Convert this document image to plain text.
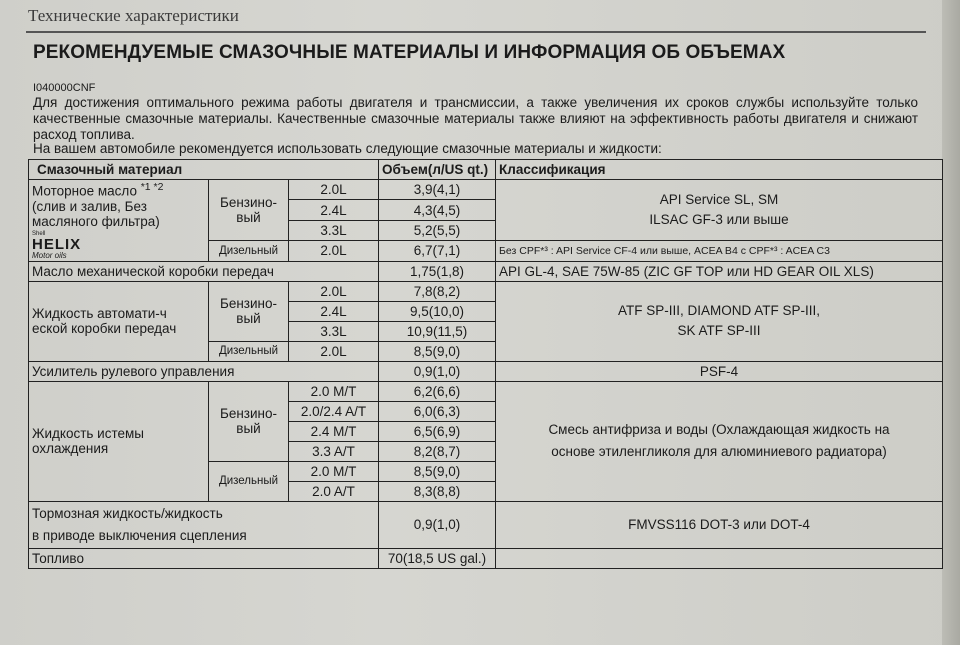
Технические характеристики
РЕКОМЕНДУЕМЫЕ СМАЗОЧНЫЕ МАТЕРИАЛЫ И ИНФОРМАЦИЯ ОБ ОБЪЕМАХ
I040000CNF
Для достижения оптимального режима работы двигателя и трансмиссии, а также увеличения их сроков службы используйте только качественные смазочные материалы. Качественные смазочные материалы также влияют на эффективность работы двигателя и снижают расход топлива.
На вашем автомобиле рекомендуется использовать следующие смазочные материалы и жидкости:
Смазочный материал			Объем(л/US qt.)	Классификация
Моторное масло $^{*1 *2}$
(слив и залив, Без масляного фильтра)

Shell
HELIX
Motor oils	Бензино-вый	2.0L	3,9(4,1)	API Service SL, SM
ILSAC GF-3 или выше
		2.4L	4,3(4,5)	
		3.3L	5,2(5,5)	
	Дизельный	2.0L	6,7(7,1)	Без CPF*³ : API Service CF-4 или выше, ACEA B4 с CPF*³ : ACEA C3
Масло механической коробки передач			1,75(1,8)	API GL-4, SAE 75W-85 (ZIC GF TOP или HD GEAR OIL XLS)
Жидкость автомати-ч еской коробки передач	Бензино-вый	2.0L	7,8(8,2)	ATF SP-III, DIAMOND ATF SP-III,
SK ATF SP-III
		2.4L	9,5(10,0)	
		3.3L	10,9(11,5)	
	Дизельный	2.0L	8,5(9,0)	
Усилитель рулевого управления			0,9(1,0)	PSF-4
Жидкость истемы охлаждения	Бензино-вый	2.0 M/T	6,2(6,6)	Смесь антифриза и воды (Охлаждающая жидкость на
основе этиленгликоля для алюминиевого радиатора)
		2.0/2.4 A/T	6,0(6,3)	
		2.4 M/T	6,5(6,9)	
		3.3 A/T	8,2(8,7)	
	Дизельный	2.0 M/T	8,5(9,0)	
		2.0 A/T	8,3(8,8)	
Тормозная жидкость/жидкость
в приводе выключения сцепления			0,9(1,0)	FMVSS116 DOT-3 или DOT-4
Топливо			70(18,5 US gal.)	
